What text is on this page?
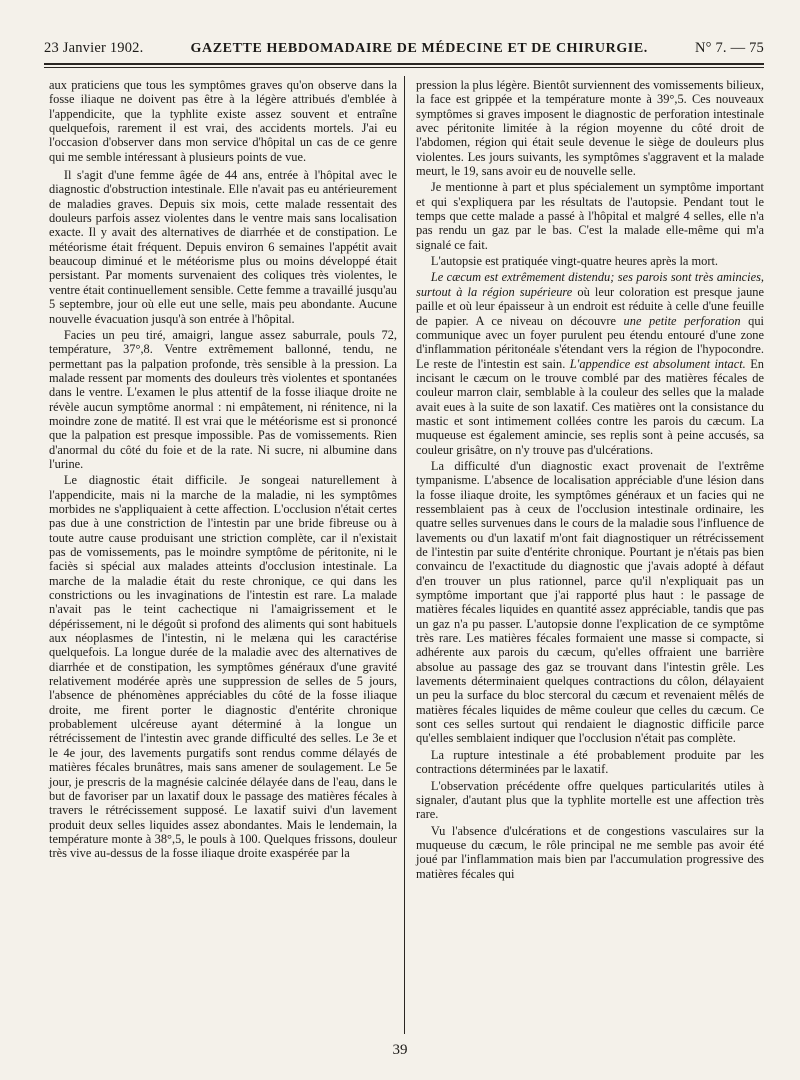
23 Janvier 1902.	GAZETTE HEBDOMADAIRE DE MÉDECINE ET DE CHIRURGIE.	N° 7. — 75

aux praticiens que tous les symptômes graves qu'on observe dans la fosse iliaque ne doivent pas être à la légère attribués d'emblée à l'appendicite, que la typhlite existe assez souvent et entraîne quelquefois, rarement il est vrai, des accidents mortels. J'ai eu l'occasion d'observer dans mon service d'hôpital un cas de ce genre qui me semble intéressant à plusieurs points de vue.

Il s'agit d'une femme âgée de 44 ans, entrée à l'hôpital avec le diagnostic d'obstruction intestinale. Elle n'avait pas eu antérieurement de maladies graves. Depuis six mois, cette malade ressentait des douleurs parfois assez violentes dans le ventre mais sans localisation exacte. Il y avait des alternatives de diarrhée et de constipation. Le météorisme était fréquent. Depuis environ 6 semaines l'appétit avait beaucoup diminué et le météorisme plus ou moins développé était persistant. Par moments survenaient des coliques très violentes, le ventre était continuellement sensible. Cette femme a travaillé jusqu'au 5 septembre, jour où elle eut une selle, mais peu abondante. Aucune nouvelle évacuation jusqu'à son entrée à l'hôpital.

Facies un peu tiré, amaigri, langue assez saburrale, pouls 72, température, 37°,8. Ventre extrêmement ballonné, tendu, ne permettant pas la palpation profonde, très sensible à la pression. La malade ressent par moments des douleurs très violentes et spontanées dans le ventre. L'examen le plus attentif de la fosse iliaque droite ne révèle aucun symptôme anormal : ni empâtement, ni rénitence, ni la moindre zone de matité. Il est vrai que le météorisme est si prononcé que la palpation est presque impossible. Pas de vomissements. Rien d'anormal du côté du foie et de la rate. Ni sucre, ni albumine dans l'urine.

Le diagnostic était difficile. Je songeai naturellement à l'appendicite, mais ni la marche de la maladie, ni les symptômes morbides ne s'appliquaient à cette affection. L'occlusion n'était certes pas due à une constriction de l'intestin par une bride fibreuse ou à toute autre cause produisant une striction complète, car il n'existait pas de vomissements, pas le moindre symptôme de péritonite, ni le faciès si spécial aux malades atteints d'occlusion intestinale. La marche de la maladie était du reste chronique, ce qui dans les constrictions ou les invaginations de l'intestin est rare. La malade n'avait pas le teint cachectique ni l'amaigrissement et le dépérissement, ni le dégoût si profond des aliments qui sont habituels aux néoplasmes de l'intestin, ni le melæna qui les caractérise quelquefois. La longue durée de la maladie avec des alternatives de diarrhée et de constipation, les symptômes généraux d'une gravité relativement modérée après une suppression de selles de 5 jours, l'absence de phénomènes appréciables du côté de la fosse iliaque droite, me firent porter le diagnostic d'entérite chronique probablement ulcéreuse ayant déterminé à la longue un rétrécissement de l'intestin avec grande difficulté des selles. Le 3e et le 4e jour, des lavements purgatifs sont rendus comme délayés de matières fécales brunâtres, mais sans amener de soulagement. Le 5e jour, je prescris de la magnésie calcinée délayée dans de l'eau, dans le but de favoriser par un laxatif doux le passage des matières fécales à travers le rétrécissement supposé. Le laxatif suivi d'un lavement produit deux selles liquides assez abondantes. Mais le lendemain, la température monte à 38°,5, le pouls à 100. Quelques frissons, douleur très vive au-dessus de la fosse iliaque droite exaspérée par la

pression la plus légère. Bientôt surviennent des vomissements bilieux, la face est grippée et la température monte à 39°,5. Ces nouveaux symptômes si graves imposent le diagnostic de perforation intestinale avec péritonite limitée à la région moyenne du côté droit de l'abdomen, région qui était seule devenue le siège de douleurs plus violentes. Les jours suivants, les symptômes s'aggravent et la malade meurt, le 19, sans avoir eu de nouvelle selle.

Je mentionne à part et plus spécialement un symptôme important et qui s'expliquera par les résultats de l'autopsie. Pendant tout le temps que cette malade a passé à l'hôpital et malgré 4 selles, elle n'a pas rendu un gaz par le bas. C'est la malade elle-même qui m'a signalé ce fait.

L'autopsie est pratiquée vingt-quatre heures après la mort.

Le cæcum est extrêmement distendu; ses parois sont très amincies, surtout à la région supérieure où leur coloration est presque jaune paille et où leur épaisseur à un endroit est réduite à celle d'une feuille de papier. A ce niveau on découvre une petite perforation qui communique avec un foyer purulent peu étendu entouré d'une zone d'inflammation péritonéale s'étendant vers la région de l'hypocondre. Le reste de l'intestin est sain. L'appendice est absolument intact. En incisant le cæcum on le trouve comblé par des matières fécales de couleur marron clair, semblable à la couleur des selles que la malade avait eues à la suite de son laxatif. Ces matières ont la consistance du mastic et sont intimement collées contre les parois du cæcum. La muqueuse est également amincie, ses replis sont à peine accusés, sa couleur grisâtre, on n'y trouve pas d'ulcérations.

La difficulté d'un diagnostic exact provenait de l'extrême tympanisme. L'absence de localisation appréciable d'une lésion dans la fosse iliaque droite, les symptômes généraux et un facies qui ne ressemblaient pas à ceux de l'occlusion intestinale ordinaire, les quatre selles survenues dans le cours de la maladie sous l'influence de lavements ou d'un laxatif m'ont fait diagnostiquer un rétrécissement de l'intestin par suite d'entérite chronique. Pourtant je n'étais pas bien convaincu de l'exactitude du diagnostic que j'avais adopté à défaut d'en trouver un plus rationnel, parce qu'il n'expliquait pas un symptôme important que j'ai rapporté plus haut : le passage de matières fécales liquides en quantité assez appréciable, tandis que pas un gaz n'a pu passer. L'autopsie donne l'explication de ce symptôme très rare. Les matières fécales formaient une masse si compacte, si adhérente aux parois du cæcum, qu'elles offraient une barrière absolue au passage des gaz se trouvant dans l'intestin grêle. Les lavements déterminaient quelques contractions du côlon, délayaient un peu la surface du bloc stercoral du cæcum et revenaient mêlés de matières fécales liquides de même couleur que celles du cæcum. Ce sont ces selles surtout qui rendaient le diagnostic difficile parce qu'elles semblaient indiquer que l'occlusion n'était pas complète.

La rupture intestinale a été probablement produite par les contractions déterminées par le laxatif.

L'observation précédente offre quelques particularités utiles à signaler, d'autant plus que la typhlite mortelle est une affection très rare.

Vu l'absence d'ulcérations et de congestions vasculaires sur la muqueuse du cæcum, le rôle principal ne me semble pas avoir été joué par l'inflammation mais bien par l'accumulation progressive des matières fécales qui

39
